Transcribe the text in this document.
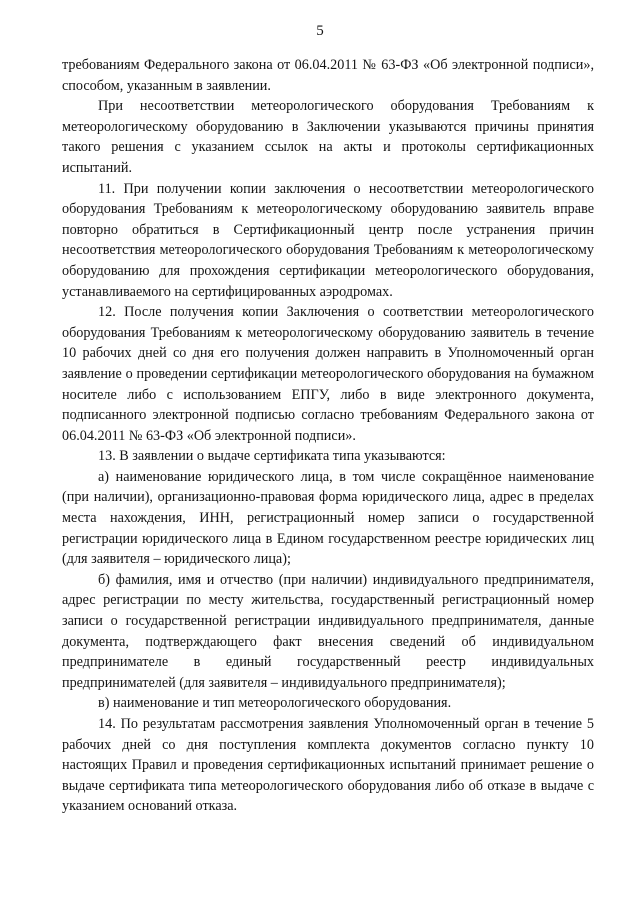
5

требованиям Федерального закона от 06.04.2011 № 63-ФЗ «Об электронной подписи», способом, указанным в заявлении.

При несоответствии метеорологического оборудования Требованиям к метеорологическому оборудованию в Заключении указываются причины принятия такого решения с указанием ссылок на акты и протоколы сертификационных испытаний.

11. При получении копии заключения о несоответствии метеорологического оборудования Требованиям к метеорологическому оборудованию заявитель вправе повторно обратиться в Сертификационный центр после устранения причин несоответствия метеорологического оборудования Требованиям к метеорологическому оборудованию для прохождения сертификации метеорологического оборудования, устанавливаемого на сертифицированных аэродромах.

12. После получения копии Заключения о соответствии метеорологического оборудования Требованиям к метеорологическому оборудованию заявитель в течение 10 рабочих дней со дня его получения должен направить в Уполномоченный орган заявление о проведении сертификации метеорологического оборудования на бумажном носителе либо с использованием ЕПГУ, либо в виде электронного документа, подписанного электронной подписью согласно требованиям Федерального закона от 06.04.2011 № 63-ФЗ «Об электронной подписи».

13. В заявлении о выдаче сертификата типа указываются:

а) наименование юридического лица, в том числе сокращённое наименование (при наличии), организационно-правовая форма юридического лица, адрес в пределах места нахождения, ИНН, регистрационный номер записи о государственной регистрации юридического лица в Едином государственном реестре юридических лиц (для заявителя – юридического лица);

б) фамилия, имя и отчество (при наличии) индивидуального предпринимателя, адрес регистрации по месту жительства, государственный регистрационный номер записи о государственной регистрации индивидуального предпринимателя, данные документа, подтверждающего факт внесения сведений об индивидуальном предпринимателе в единый государственный реестр индивидуальных предпринимателей (для заявителя – индивидуального предпринимателя);

в) наименование и тип метеорологического оборудования.

14. По результатам рассмотрения заявления Уполномоченный орган в течение 5 рабочих дней со дня поступления комплекта документов согласно пункту 10 настоящих Правил и проведения сертификационных испытаний принимает решение о выдаче сертификата типа метеорологического оборудования либо об отказе в выдаче с указанием оснований отказа.
